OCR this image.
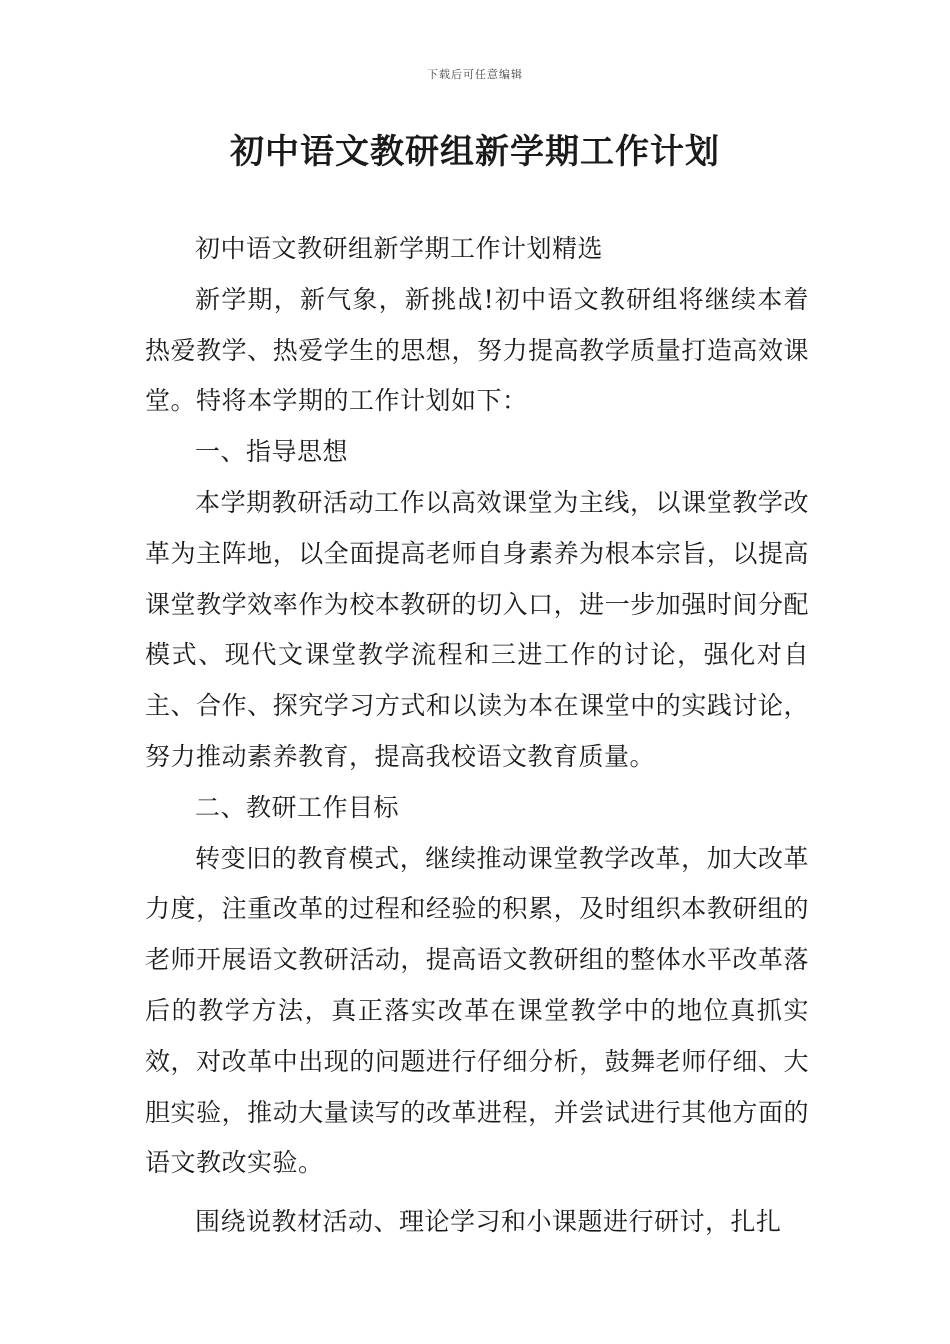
下载后可任意编辑
初中语文教研组新学期工作计划

初中语文教研组新学期工作计划精选

新学期，新气象，新挑战!初中语文教研组将继续本着热爱教学、热爱学生的思想，努力提高教学质量打造高效课堂。特将本学期的工作计划如下：

一、指导思想

本学期教研活动工作以高效课堂为主线，以课堂教学改革为主阵地，以全面提高老师自身素养为根本宗旨，以提高课堂教学效率作为校本教研的切入口，进一步加强时间分配模式、现代文课堂教学流程和三进工作的讨论，强化对自主、合作、探究学习方式和以读为本在课堂中的实践讨论，努力推动素养教育，提高我校语文教育质量。

二、教研工作目标

转变旧的教育模式，继续推动课堂教学改革，加大改革力度，注重改革的过程和经验的积累，及时组织本教研组的老师开展语文教研活动，提高语文教研组的整体水平改革落后的教学方法，真正落实改革在课堂教学中的地位真抓实效，对改革中出现的问题进行仔细分析，鼓舞老师仔细、大胆实验，推动大量读写的改革进程，并尝试进行其他方面的语文教改实验。

围绕说教材活动、理论学习和小课题进行研讨，扎扎
